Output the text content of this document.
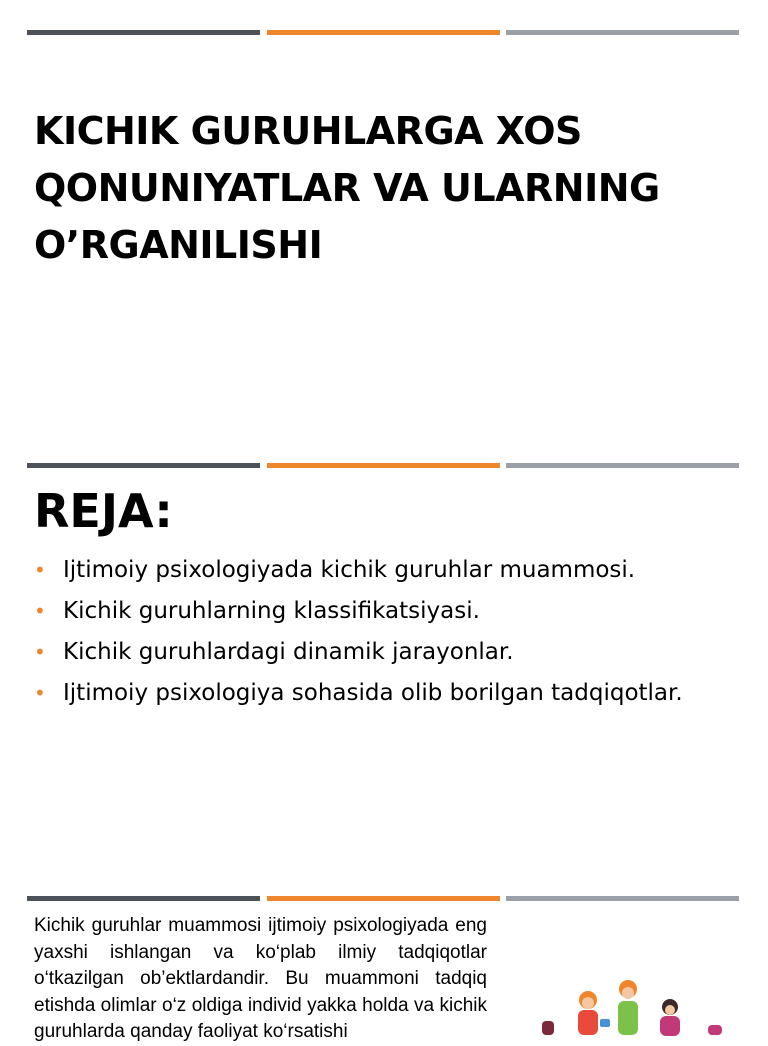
KICHIK GURUHLARGA XOS QONUNIYATLAR VA ULARNING O’RGANILISHI
REJA:
• Ijtimoiy psixologiyada kichik guruhlar muammosi.
• Kichik guruhlarning klassifikatsiyasi.
• Kichik guruhlardagi dinamik jarayonlar.
• Ijtimoiy psixologiya sohasida olib borilgan tadqiqotlar.

Kichik guruhlar muammosi ijtimoiy psixologiyada eng yaxshi ishlangan va ko‘plab ilmiy tadqiqotlar o‘tkazilgan ob’ektlardandir. Bu muammoni tadqiq etishda olimlar o‘z oldiga individ yakka holda va kichik guruhlarda qanday faoliyat ko‘rsatishi
